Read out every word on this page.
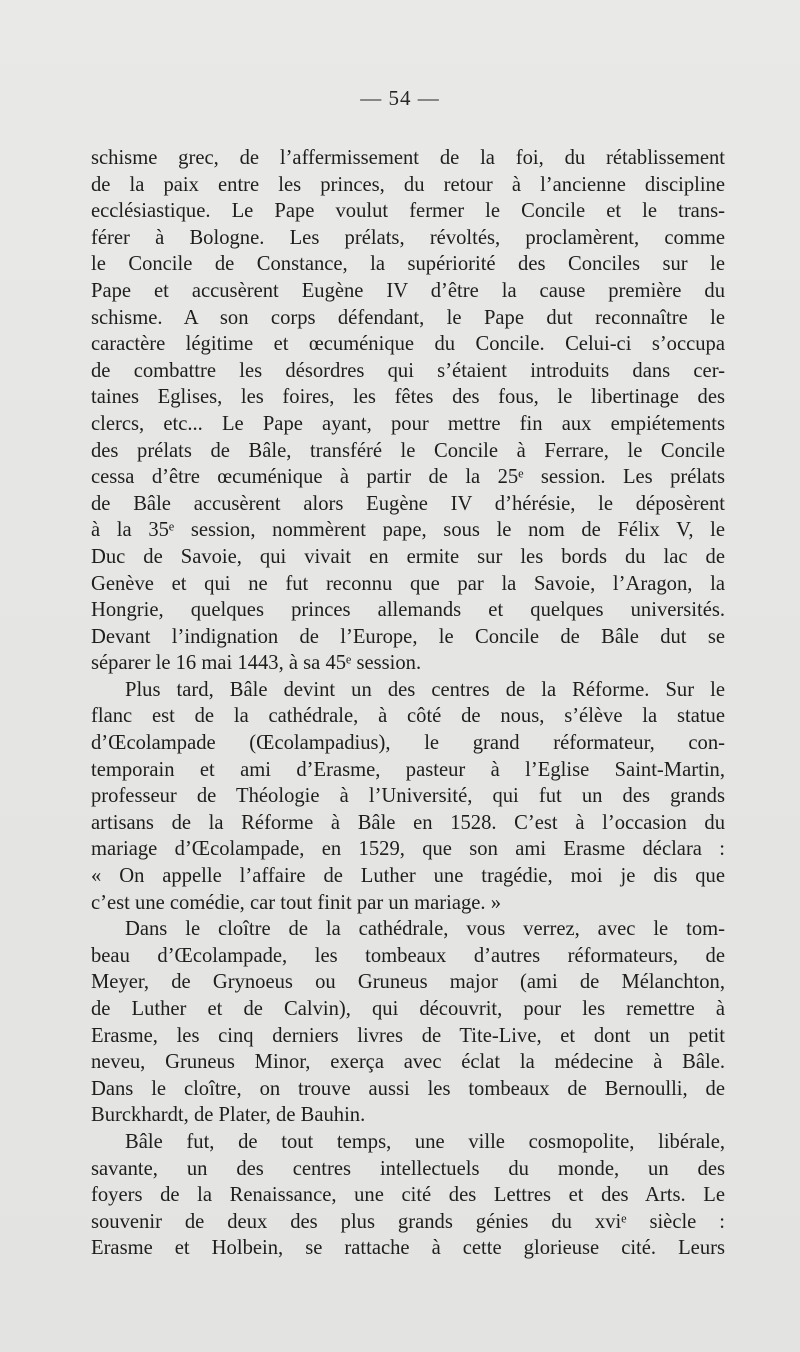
— 54 —
schisme grec, de l’affermissement de la foi, du rétablissement
de la paix entre les princes, du retour à l’ancienne discipline
ecclésiastique. Le Pape voulut fermer le Concile et le trans-
férer à Bologne. Les prélats, révoltés, proclamèrent, comme
le Concile de Constance, la supériorité des Conciles sur le
Pape et accusèrent Eugène IV d’être la cause première du
schisme. A son corps défendant, le Pape dut reconnaître le
caractère légitime et œcuménique du Concile. Celui-ci s’occupa
de combattre les désordres qui s’étaient introduits dans cer-
taines Eglises, les foires, les fêtes des fous, le libertinage des
clercs, etc... Le Pape ayant, pour mettre fin aux empiétements
des prélats de Bâle, transféré le Concile à Ferrare, le Concile
cessa d’être œcuménique à partir de la 25ᵉ session. Les prélats
de Bâle accusèrent alors Eugène IV d’hérésie, le déposèrent
à la 35ᵉ session, nommèrent pape, sous le nom de Félix V, le
Duc de Savoie, qui vivait en ermite sur les bords du lac de
Genève et qui ne fut reconnu que par la Savoie, l’Aragon, la
Hongrie, quelques princes allemands et quelques universités.
Devant l’indignation de l’Europe, le Concile de Bâle dut se
séparer le 16 mai 1443, à sa 45ᵉ session.
Plus tard, Bâle devint un des centres de la Réforme. Sur le
flanc est de la cathédrale, à côté de nous, s’élève la statue
d’Œcolampade (Œcolampadius), le grand réformateur, con-
temporain et ami d’Erasme, pasteur à l’Eglise Saint-Martin,
professeur de Théologie à l’Université, qui fut un des grands
artisans de la Réforme à Bâle en 1528. C’est à l’occasion du
mariage d’Œcolampade, en 1529, que son ami Erasme déclara :
« On appelle l’affaire de Luther une tragédie, moi je dis que
c’est une comédie, car tout finit par un mariage. »
Dans le cloître de la cathédrale, vous verrez, avec le tom-
beau d’Œcolampade, les tombeaux d’autres réformateurs, de
Meyer, de Grynoeus ou Gruneus major (ami de Mélanchton,
de Luther et de Calvin), qui découvrit, pour les remettre à
Erasme, les cinq derniers livres de Tite-Live, et dont un petit
neveu, Gruneus Minor, exerça avec éclat la médecine à Bâle.
Dans le cloître, on trouve aussi les tombeaux de Bernoulli, de
Burckhardt, de Plater, de Bauhin.
Bâle fut, de tout temps, une ville cosmopolite, libérale,
savante, un des centres intellectuels du monde, un des
foyers de la Renaissance, une cité des Lettres et des Arts. Le
souvenir de deux des plus grands génies du xviᵉ siècle :
Erasme et Holbein, se rattache à cette glorieuse cité. Leurs
